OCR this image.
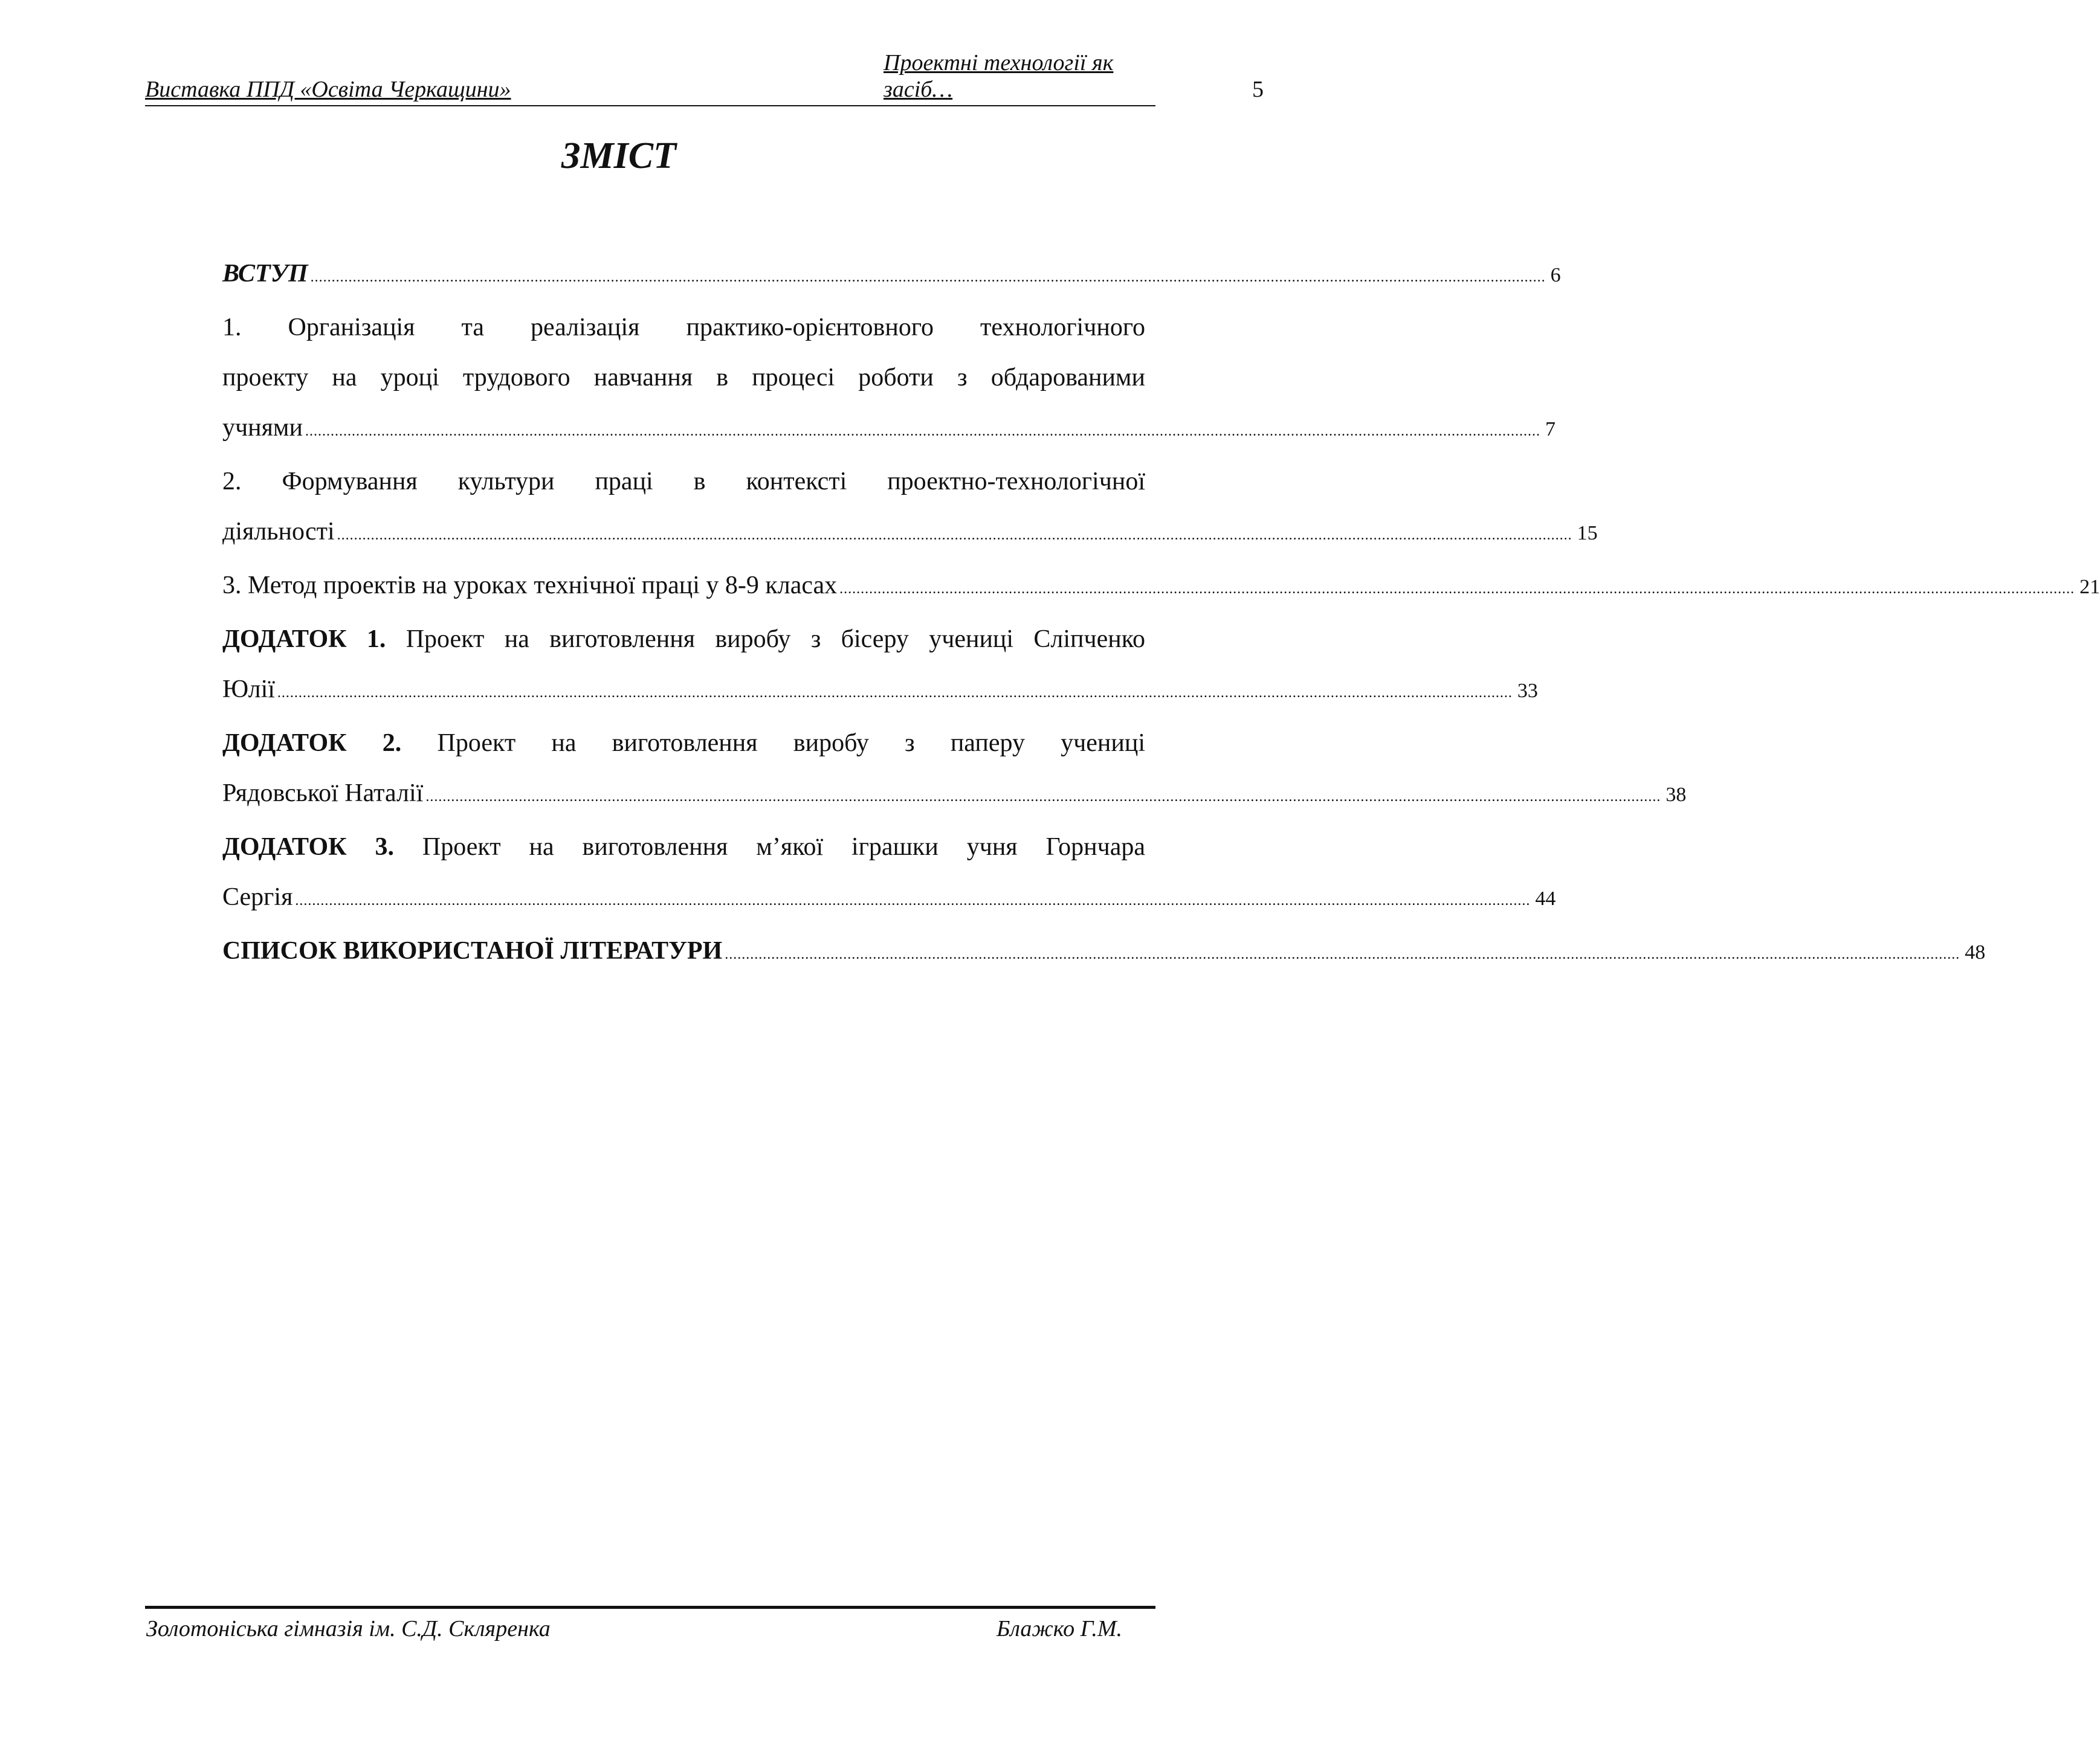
Виставка ППД «Освіта Черкащини»
Проектні технології як засіб…	5
ЗМІСТ
ВСТУП .....	6
1. Організація та реалізація практико-орієнтовного технологічного
проекту на уроці трудового навчання в процесі роботи з обдарованими
учнями .....	7
2. Формування культури праці в контексті проектно-технологічної
діяльності .....	15
3. Метод проектів на уроках технічної праці у 8-9 класах .....	21
ДОДАТОК 1. Проект на виготовлення виробу з бісеру учениці Сліпченко
Юлії .....	33
ДОДАТОК 2. Проект на виготовлення виробу з паперу учениці
Рядовської Наталії .....	38
ДОДАТОК 3. Проект на виготовлення м’якої іграшки учня Горнчара
Сергія .....	44
СПИСОК ВИКОРИСТАНОЇ ЛІТЕРАТУРИ .....	48
Золотоніська гімназія ім. С.Д. Скляренка	Блажко Г.М.
